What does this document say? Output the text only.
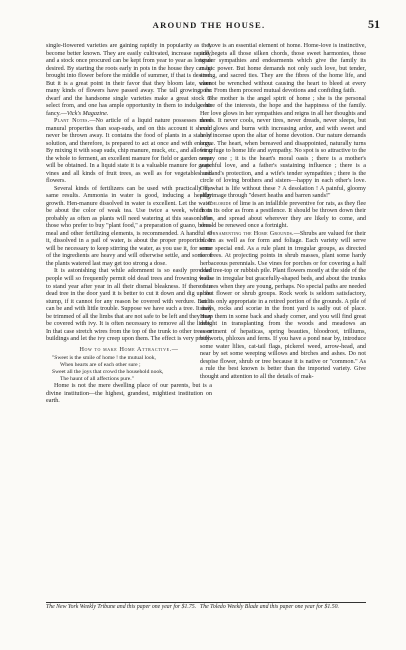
AROUND THE HOUSE.	51

single-flowered varieties are gaining rapidly in popularity as they become better known. They are easily cultivated, increase rapidly, and a stock once procured can be kept from year to year as long as desired. By starting the roots early in pots in the house they can be brought into flower before the middle of summer, if that is desired. But it is a great point in their favor that they bloom late, when many kinds of flowers have passed away. The tall growing, the dwarf and the handsome single varieties make a great stock to select from, and one has ample opportunity in them to indulge his fancy.—Vick's Magazine.

Plant Notes.—No article of a liquid nature possesses more manural properties than soap-suds, and on this account it should never be thrown away. It contains the food of plants in a state of solution, and therefore, is prepared to act at once and with energy. By mixing it with soap suds, chip manure, muck, etc., and allowing the whole to ferment, an excellent manure for field or garden crops will be obtained. In a liquid state it is a valuable manure for grape vines and all kinds of fruit trees, as well as for vegetables and flowers.

Several kinds of fertilizers can be used with practically the same results. Ammonia in water is good, inducing a healthy growth. Hen-manure dissolved in water is excellent. Let the water be about the color of weak tea. Use twice a week, which is probably as often as plants will need watering at this season. For those who prefer to buy "plant food," a preparation of guano, bone-meal and other fertilizing elements, is recommended. A handful of it, dissolved in a pail of water, is about the proper proportion. It will be necessary to keep stirring the water, as you use it, for some of the ingredients are heavy and will otherwise settle, and some of the plants watered last may get too strong a dose.

It is astonishing that while adornment is so easily provided people will so frequently permit old dead trees and frowning walls to stand year after year in all their dismal bleakness. If there is a dead tree in the door yard it is better to cut it down and dig up the stump, if it cannot for any reason be covered with verdure. But it can be and with little trouble. Suppose we have such a tree. It may be trimmed of all the limbs that are not safe to be left and they may be covered with ivy. It is often necessary to remove all the limbs. In that case stretch wires from the top of the trunk to other trees or buildings and let the ivy creep upon them. The effect is very pretty.

How to make Home Attractive.—

"Sweet is the smile of home ! the mutual look,
When hearts are of each other sure ;
Sweet all the joys that crowd the household nook,
The haunt of all affections pure."

Home is not the mere dwelling place of our parents, but is a divine institution—the highest, grandest, mightiest institution on earth.

Love is an essential element of home. Home-love is instinctive, and begets all those silken chords, those sweet harmonies, those tender sympathies and endearments which give the family its magic power. But home demands not only such love, but tender, strong, and sacred ties. They are the fibres of the home life, and cannot be wrenched without causing the heart to bleed at every pore. From them proceed mutual devotions and confiding faith.

The mother is the angel spirit of home ; she is the personal centre of the interests, the hope and the happiness of the family. Her love glows in her sympathies and reigns in all her thoughts and deeds. It never cools, never tires, never dreads, never sleeps, but ever glows and burns with increasing ardor, and with sweet and holy incense upon the altar of home devotion. Our nature demands home. The heart, when bereaved and disappointed, naturally turns for refuge to home life and sympathy. No spot is so attractive to the weary one ; it is the heart's moral oasis ; there is a mother's watchful love, and a father's sustaining influence ; there is a husband's protection, and a wife's tender sympathies ; there is the circle of loving brothers and sisters—happy in each other's love. Oh, what is life without these ? A desolation ! A painful, gloomy pilgrimage through "desert heaths and barren sands!"

Chloride of lime is an infallible preventive for rats, as they flee from its odor as from a pestilence. It should be thrown down their holes, and spread about wherever they are likely to come, and should be renewed once a fortnight.

Ornamenting the Home Grounds.—Shrubs are valued for their bloom as well as for form and foliage. Each variety will serve some special end. As a rule plant in irregular groups, as directed for trees. At projecting points in shrub masses, plant some hardy herbaceous perennials. Use vines for porches or for covering a half dead tree-top or rubbish pile. Plant flowers mostly at the side of the house in irregular but gracefully-shaped beds, and about the trunks of trees when they are young, perhaps. No special paths are needed about flower or shrub groups. Rock work is seldom satisfactory, and is only appropriate in a retired portion of the grounds. A pile of shells, rocks and scoriæ in the front yard is sadly out of place. Heap them in some back and shady corner, and you will find great delight in transplanting from the woods and meadows an assortment of hepaticas, spring beauties, bloodroot, trilliums, bellworts, phloxes and ferns. If you have a pond near by, introduce some water lilies, cat-tail flags, pickerel weed, arrow-head, and near by set some weeping willows and birches and ashes. Do not despise flower, shrub or tree because it is native or "common." As a rule the best known is better than the imported variety. Give thought and attention to all the details of mak-

The New York Weekly Tribune and this paper one year for $1.75. The Toledo Weekly Blade and this paper one year for $1.50.
